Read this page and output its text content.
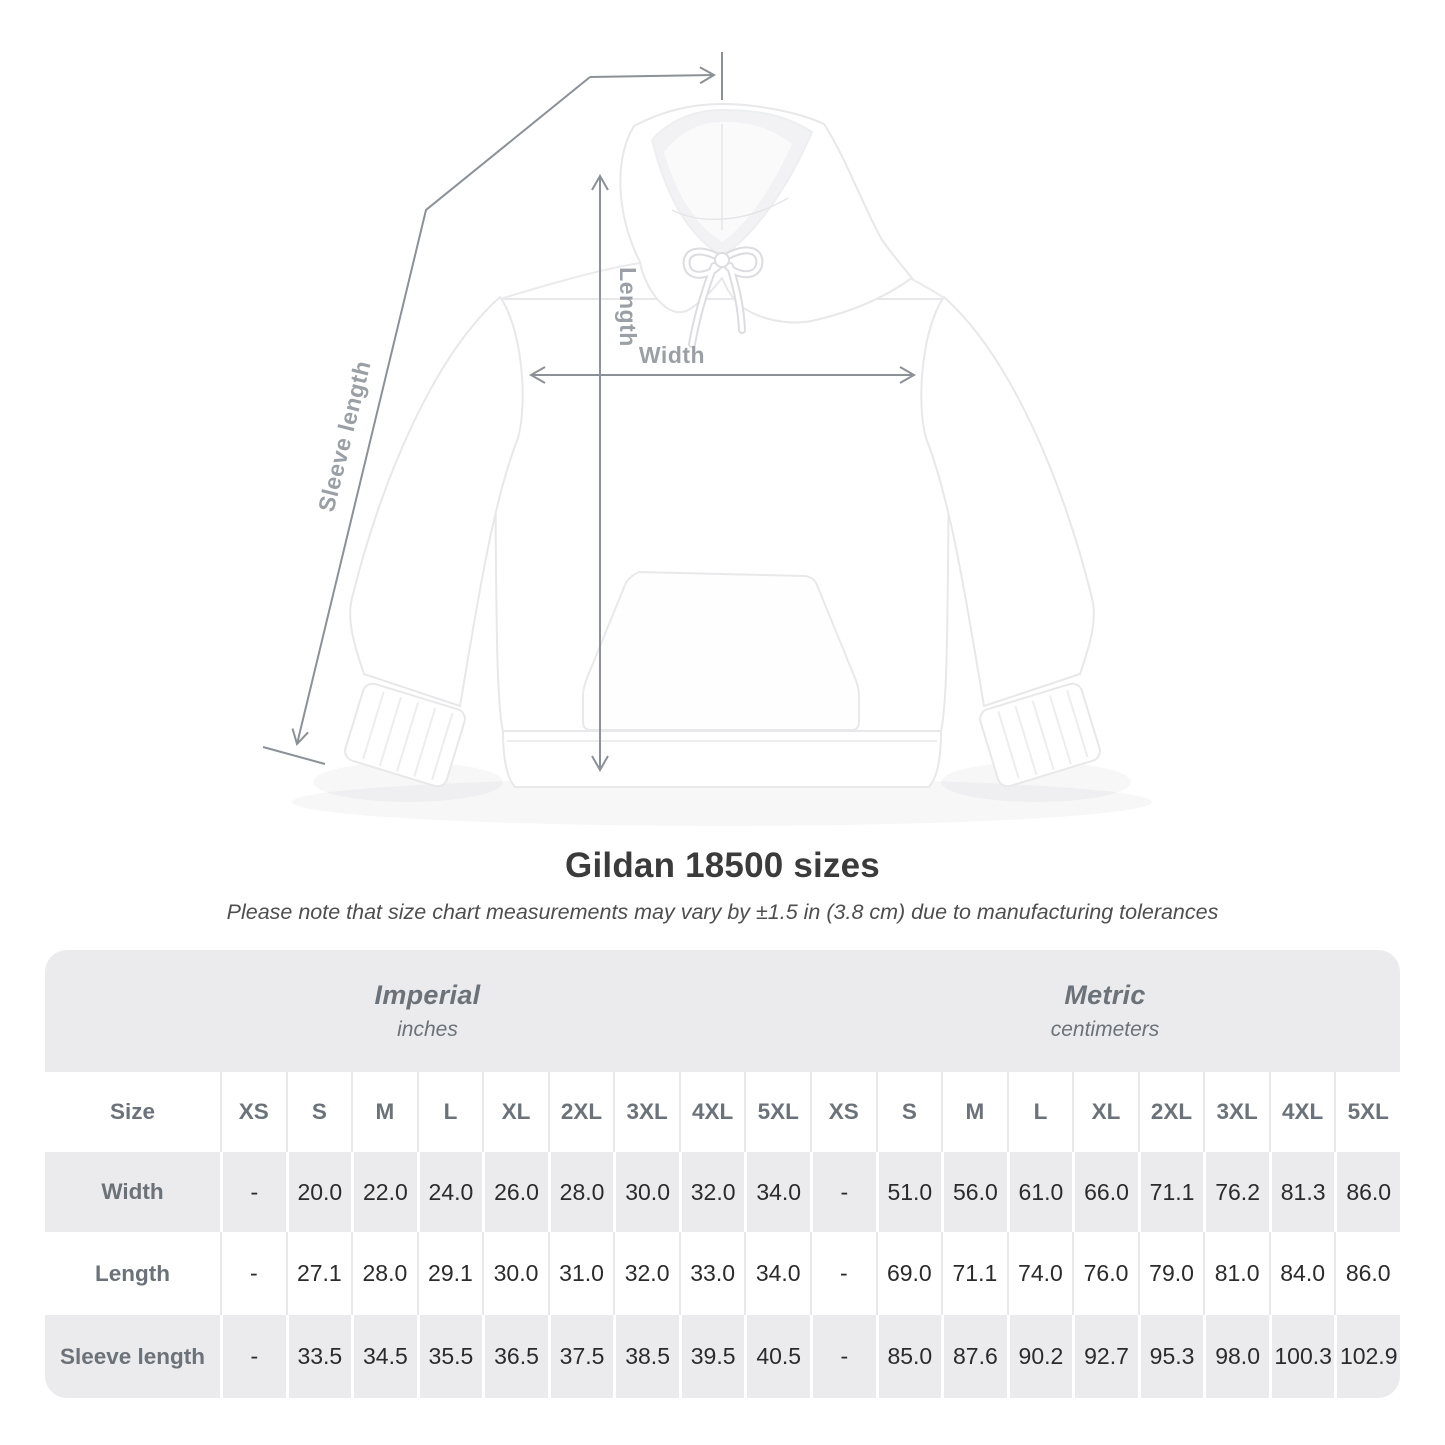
Length
Width
Sleeve length
Gildan 18500 sizes
Please note that size chart measurements may vary by ±1.5 in (3.8 cm) due to manufacturing tolerances
Imperial
inches
Metric
centimeters
Size	XS	S	M	L	XL	2XL	3XL	4XL	5XL	XS	S	M	L	XL	2XL	3XL	4XL	5XL
Width	-	20.0 22.0 24.0 26.0 28.0 30.0 32.0 34.0	-	51.0 56.0 61.0 66.0 71.1 76.2 81.3 86.0
Length	-	27.1 28.0 29.1 30.0 31.0 32.0 33.0 34.0	-	69.0 71.1 74.0 76.0 79.0 81.0 84.0 86.0
Sleeve length	-	33.5 34.5 35.5 36.5 37.5 38.5 39.5 40.5	-	85.0 87.6 90.2 92.7 95.3 98.0 100.3 102.9
